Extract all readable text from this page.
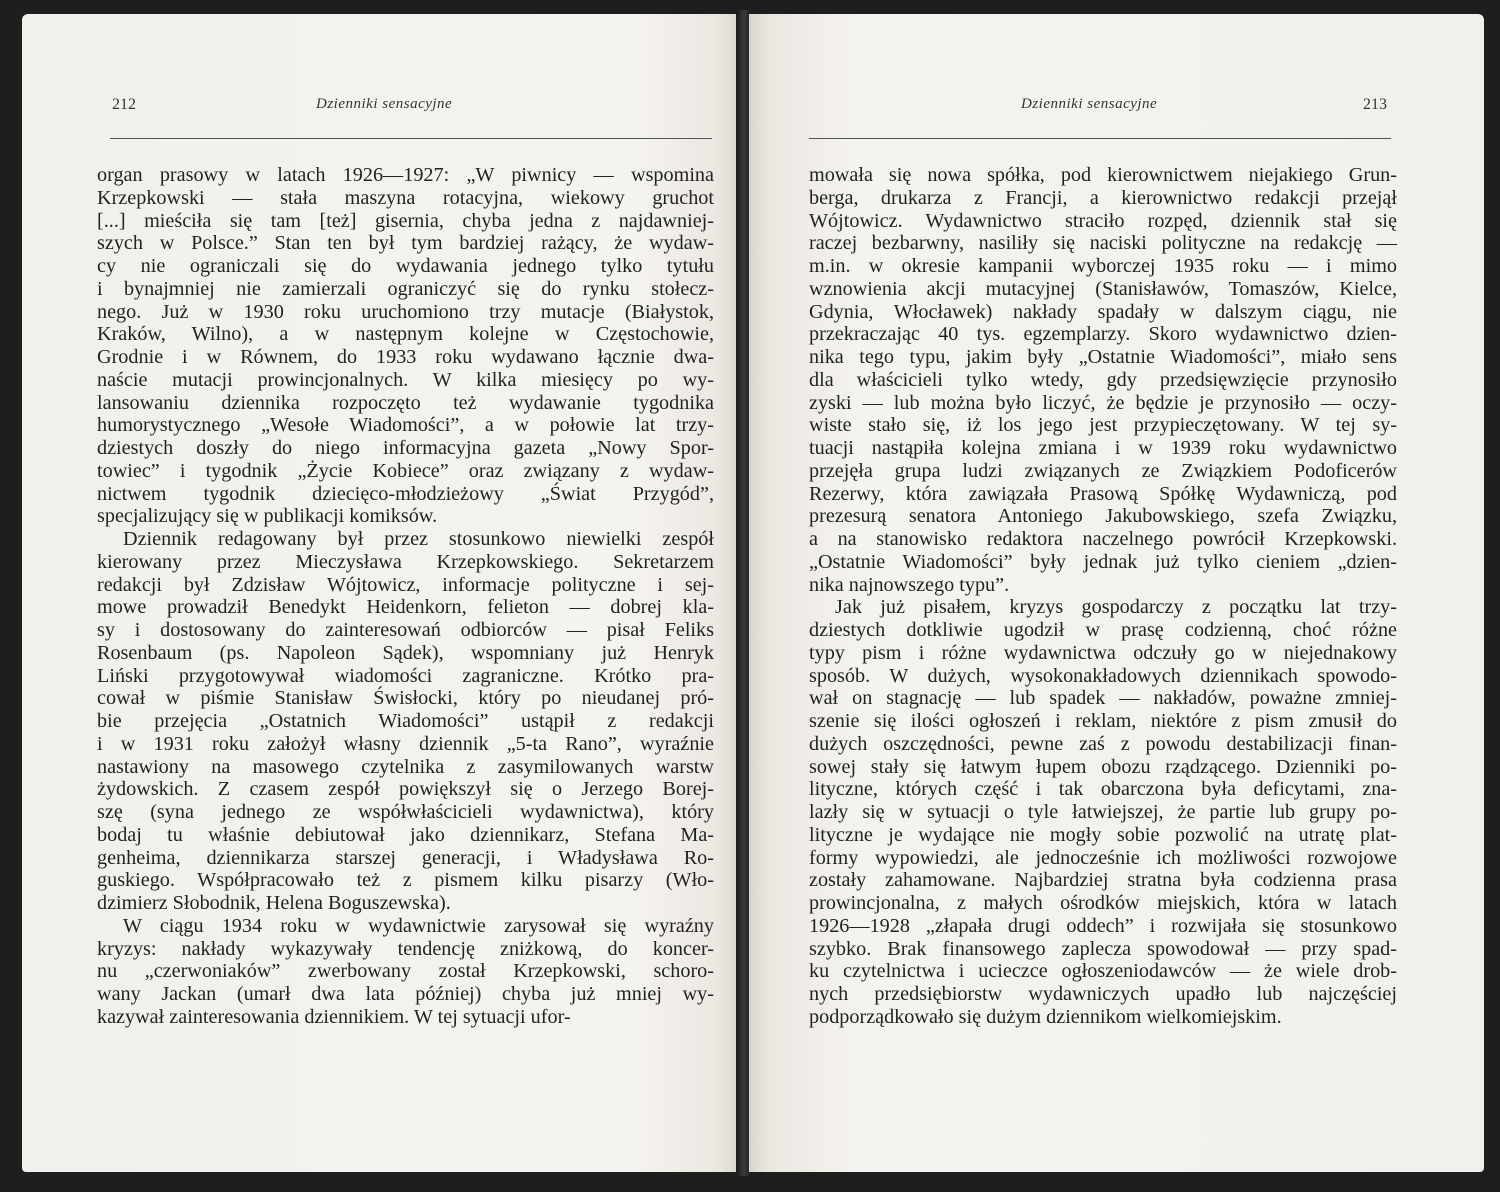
212	Dzienniki sensacyjne
organ prasowy w latach 1926—1927: „W piwnicy — wspomina
Krzepkowski — stała maszyna rotacyjna, wiekowy gruchot
[...] mieściła się tam [też] gisernia, chyba jedna z najdawniej-
szych w Polsce.” Stan ten był tym bardziej rażący, że wydaw-
cy nie ograniczali się do wydawania jednego tylko tytułu
i bynajmniej nie zamierzali ograniczyć się do rynku stołecz-
nego. Już w 1930 roku uruchomiono trzy mutacje (Białystok,
Kraków, Wilno), a w następnym kolejne w Częstochowie,
Grodnie i w Równem, do 1933 roku wydawano łącznie dwa-
naście mutacji prowincjonalnych. W kilka miesięcy po wy-
lansowaniu dziennika rozpoczęto też wydawanie tygodnika
humorystycznego „Wesołe Wiadomości”, a w połowie lat trzy-
dziestych doszły do niego informacyjna gazeta „Nowy Spor-
towiec” i tygodnik „Życie Kobiece” oraz związany z wydaw-
nictwem tygodnik dziecięco-młodzieżowy „Świat Przygód”,
specjalizujący się w publikacji komiksów.
Dziennik redagowany był przez stosunkowo niewielki zespół
kierowany przez Mieczysława Krzepkowskiego. Sekretarzem
redakcji był Zdzisław Wójtowicz, informacje polityczne i sej-
mowe prowadził Benedykt Heidenkorn, felieton — dobrej kla-
sy i dostosowany do zainteresowań odbiorców — pisał Feliks
Rosenbaum (ps. Napoleon Sądek), wspomniany już Henryk
Liński przygotowywał wiadomości zagraniczne. Krótko pra-
cował w piśmie Stanisław Świsłocki, który po nieudanej pró-
bie przejęcia „Ostatnich Wiadomości” ustąpił z redakcji
i w 1931 roku założył własny dziennik „5-ta Rano”, wyraźnie
nastawiony na masowego czytelnika z zasymilowanych warstw
żydowskich. Z czasem zespół powiększył się o Jerzego Borej-
szę (syna jednego ze współwłaścicieli wydawnictwa), który
bodaj tu właśnie debiutował jako dziennikarz, Stefana Ma-
genheima, dziennikarza starszej generacji, i Władysława Ro-
guskiego. Współpracowało też z pismem kilku pisarzy (Wło-
dzimierz Słobodnik, Helena Boguszewska).
W ciągu 1934 roku w wydawnictwie zarysował się wyraźny
kryzys: nakłady wykazywały tendencję zniżkową, do koncer-
nu „czerwoniaków” zwerbowany został Krzepkowski, schoro-
wany Jackan (umarł dwa lata później) chyba już mniej wy-
kazywał zainteresowania dziennikiem. W tej sytuacji ufor-
Dzienniki sensacyjne	213
mowała się nowa spółka, pod kierownictwem niejakiego Grun-
berga, drukarza z Francji, a kierownictwo redakcji przejął
Wójtowicz. Wydawnictwo straciło rozpęd, dziennik stał się
raczej bezbarwny, nasiliły się naciski polityczne na redakcję —
m.in. w okresie kampanii wyborczej 1935 roku — i mimo
wznowienia akcji mutacyjnej (Stanisławów, Tomaszów, Kielce,
Gdynia, Włocławek) nakłady spadały w dalszym ciągu, nie
przekraczając 40 tys. egzemplarzy. Skoro wydawnictwo dzien-
nika tego typu, jakim były „Ostatnie Wiadomości”, miało sens
dla właścicieli tylko wtedy, gdy przedsięwzięcie przynosiło
zyski — lub można było liczyć, że będzie je przynosiło — oczy-
wiste stało się, iż los jego jest przypieczętowany. W tej sy-
tuacji nastąpiła kolejna zmiana i w 1939 roku wydawnictwo
przejęła grupa ludzi związanych ze Związkiem Podoficerów
Rezerwy, która zawiązała Prasową Spółkę Wydawniczą, pod
prezesurą senatora Antoniego Jakubowskiego, szefa Związku,
a na stanowisko redaktora naczelnego powrócił Krzepkowski.
„Ostatnie Wiadomości” były jednak już tylko cieniem „dzien-
nika najnowszego typu”.
Jak już pisałem, kryzys gospodarczy z początku lat trzy-
dziestych dotkliwie ugodził w prasę codzienną, choć różne
typy pism i różne wydawnictwa odczuły go w niejednakowy
sposób. W dużych, wysokonakładowych dziennikach spowodo-
wał on stagnację — lub spadek — nakładów, poważne zmniej-
szenie się ilości ogłoszeń i reklam, niektóre z pism zmusił do
dużych oszczędności, pewne zaś z powodu destabilizacji finan-
sowej stały się łatwym łupem obozu rządzącego. Dzienniki po-
lityczne, których część i tak obarczona była deficytami, zna-
lazły się w sytuacji o tyle łatwiejszej, że partie lub grupy po-
lityczne je wydające nie mogły sobie pozwolić na utratę plat-
formy wypowiedzi, ale jednocześnie ich możliwości rozwojowe
zostały zahamowane. Najbardziej stratna była codzienna prasa
prowincjonalna, z małych ośrodków miejskich, która w latach
1926—1928 „złapała drugi oddech” i rozwijała się stosunkowo
szybko. Brak finansowego zaplecza spowodował — przy spad-
ku czytelnictwa i ucieczce ogłoszeniodawców — że wiele drob-
nych przedsiębiorstw wydawniczych upadło lub najczęściej
podporządkowało się dużym dziennikom wielkomiejskim.
